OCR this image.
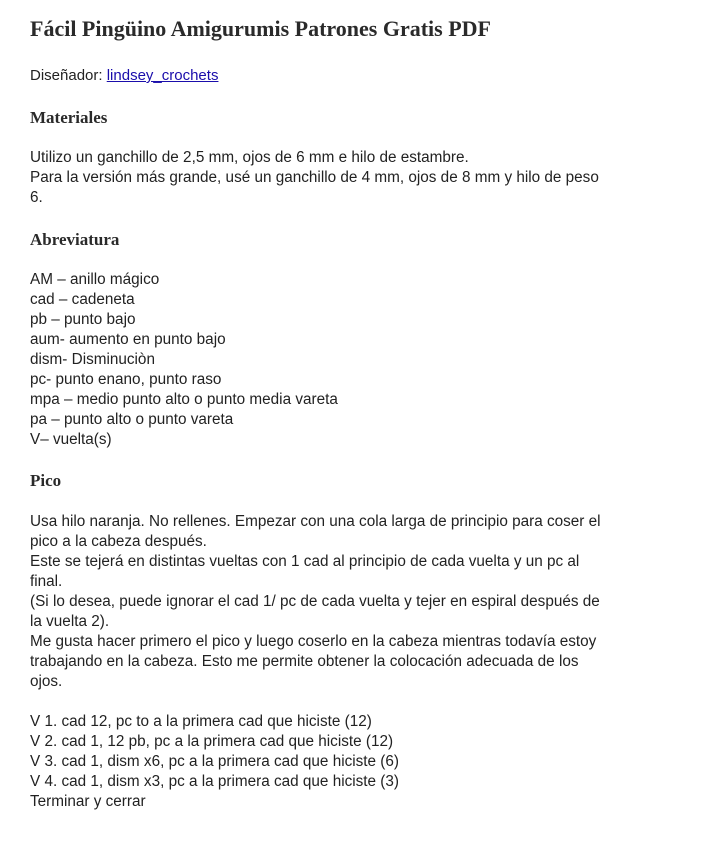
Fácil Pingüino Amigurumis Patrones Gratis PDF
Diseñador: lindsey_crochets
Materiales
Utilizo un ganchillo de 2,5 mm, ojos de 6 mm e hilo de estambre.
Para la versión más grande, usé un ganchillo de 4 mm, ojos de 8 mm y hilo de peso
6.
Abreviatura
AM – anillo mágico
cad – cadeneta
pb – punto bajo
aum- aumento en punto bajo
dism- Disminuciòn
pc- punto enano, punto raso
mpa – medio punto alto o punto media vareta
pa – punto alto o punto vareta
V– vuelta(s)
Pico
Usa hilo naranja. No rellenes. Empezar con una cola larga de principio para coser el
pico a la cabeza después.
Este se tejerá en distintas vueltas con 1 cad al principio de cada vuelta y un pc al
final.
(Si lo desea, puede ignorar el cad 1/ pc de cada vuelta y tejer en espiral después de
la vuelta 2).
Me gusta hacer primero el pico y luego coserlo en la cabeza mientras todavía estoy
trabajando en la cabeza. Esto me permite obtener la colocación adecuada de los
ojos.
V 1. cad 12, pc to a la primera cad que hiciste (12)
V 2. cad 1, 12 pb, pc a la primera cad que hiciste (12)
V 3. cad 1, dism x6, pc a la primera cad que hiciste (6)
V 4. cad 1, dism x3, pc a la primera cad que hiciste (3)
Terminar y cerrar
